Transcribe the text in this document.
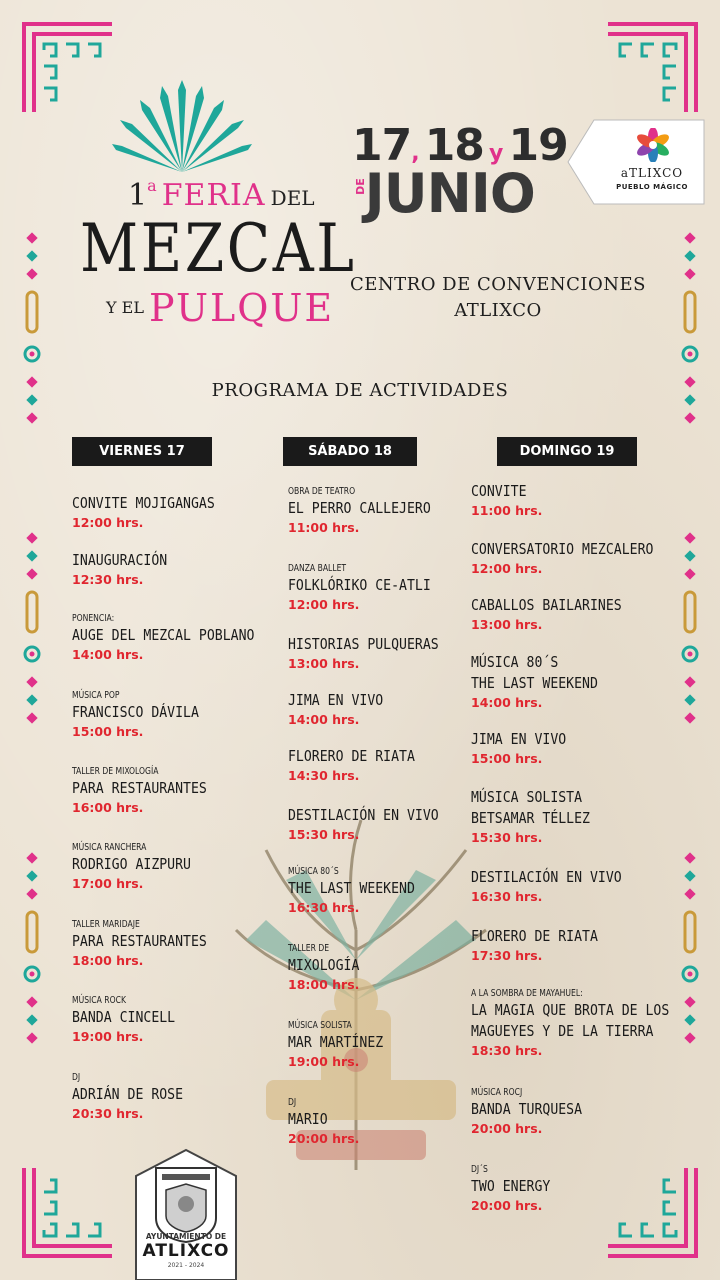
1a FERIA DEL
MEZCAL
Y EL PULQUE
17, 18 y 19
DEJUNIO	aTLIXCO
PUEBLO MÁGICO
CENTRO DE CONVENCIONES
ATLIXCO
PROGRAMA DE ACTIVIDADES
VIERNES 17	SÁBADO 18	DOMINGO 19
CONVITE MOJIGANGAS
12:00 hrs.
INAUGURACIÓN
12:30 hrs.
PONENCIA:
AUGE DEL MEZCAL POBLANO
14:00 hrs.
MÚSICA POP
FRANCISCO DÁVILA
15:00 hrs.
TALLER DE MIXOLOGÍA
PARA RESTAURANTES
16:00 hrs.
MÚSICA RANCHERA
RODRIGO AIZPURU
17:00 hrs.
TALLER MARIDAJE
PARA RESTAURANTES
18:00 hrs.
MÚSICA ROCK
BANDA CINCELL
19:00 hrs.
DJ
ADRIÁN DE ROSE
20:30 hrs.
OBRA DE TEATRO
EL PERRO CALLEJERO
11:00 hrs.
DANZA BALLET
FOLKLÓRIKO CE-ATLI
12:00 hrs.
HISTORIAS PULQUERAS
13:00 hrs.
JIMA EN VIVO
14:00 hrs.
FLORERO DE RIATA
14:30 hrs.
DESTILACIÓN EN VIVO
15:30 hrs.
MÚSICA 80´S
THE LAST WEEKEND
16:30 hrs.
TALLER DE
MIXOLOGÍA
18:00 hrs.
MÚSICA SOLISTA
MAR MARTÍNEZ
19:00 hrs.
DJ
MARIO
20:00 hrs.
CONVITE
11:00 hrs.
CONVERSATORIO MEZCALERO
12:00 hrs.
CABALLOS BAILARINES
13:00 hrs.
MÚSICA 80´S
THE LAST WEEKEND
14:00 hrs.
JIMA EN VIVO
15:00 hrs.
MÚSICA SOLISTA
BETSAMAR TÉLLEZ
15:30 hrs.
DESTILACIÓN EN VIVO
16:30 hrs.
FLORERO DE RIATA
17:30 hrs.
A LA SOMBRA DE MAYAHUEL:
LA MAGIA QUE BROTA DE LOS
MAGUEYES Y DE LA TIERRA
18:30 hrs.
MÚSICA ROCJ
BANDA TURQUESA
20:00 hrs.
DJ´S
TWO ENERGY
20:00 hrs.
AYUNTAMIENTO DE
ATLIXCO
2021 - 2024
